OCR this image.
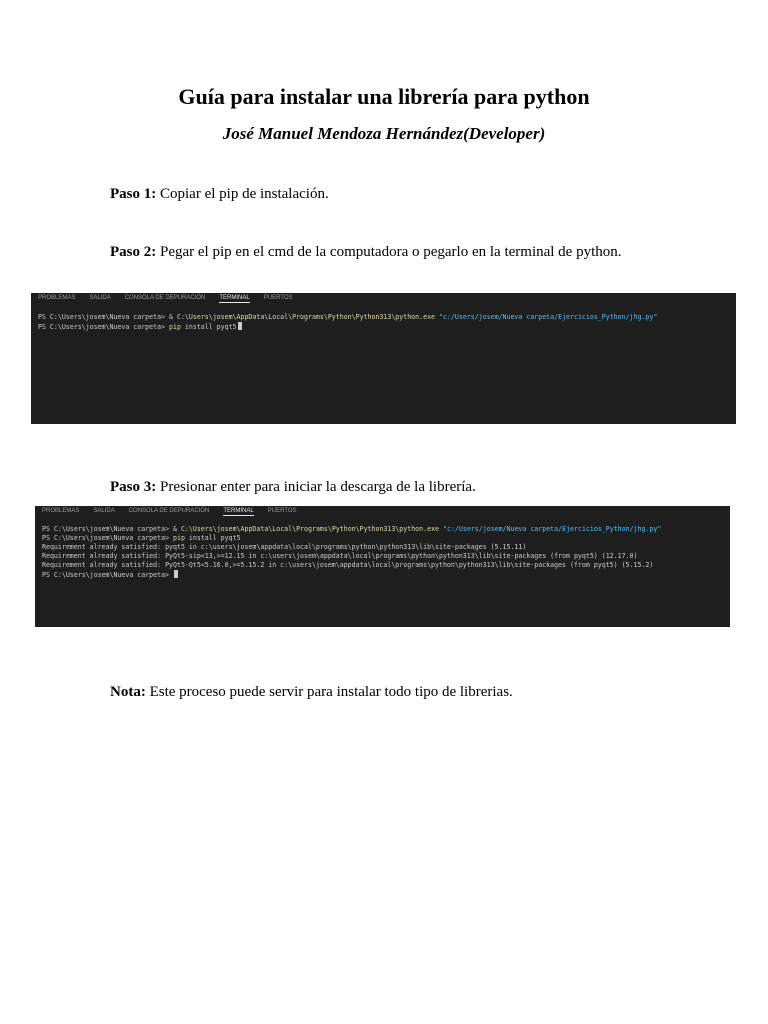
Guía para instalar una librería para python
José Manuel Mendoza Hernández(Developer)
Paso 1: Copiar el pip de instalación.
Paso 2: Pegar el pip en el cmd de la computadora o pegarlo en la terminal de python.
PROBLEMAS SALIDA CONSOLA DE DEPURACIÓN TERMINAL PUERTOS
PS C:\Users\josem\Nueva carpeta> & C:\Users\josem\AppData\Local\Programs\Python\Python313\python.exe "c:/Users/josem/Nueva carpeta/Ejercicios_Python/jhg.py"
PS C:\Users\josem\Nueva carpeta> pip install pyqt5
Paso 3: Presionar enter para iniciar la descarga de la librería.
PROBLEMAS SALIDA CONSOLA DE DEPURACIÓN TERMINAL PUERTOS
PS C:\Users\josem\Nueva carpeta> & C:\Users\josem\AppData\Local\Programs\Python\Python313\python.exe "c:/Users/josem/Nueva carpeta/Ejercicios_Python/jhg.py"
PS C:\Users\josem\Nueva carpeta> pip install pyqt5
Requirement already satisfied: pyqt5 in c:\users\josem\appdata\local\programs\python\python313\lib\site-packages (5.15.11)
Requirement already satisfied: PyQt5-sip<13,>=12.15 in c:\users\josem\appdata\local\programs\python\python313\lib\site-packages (from pyqt5) (12.17.0)
Requirement already satisfied: PyQt5-Qt5<5.16.0,>=5.15.2 in c:\users\josem\appdata\local\programs\python\python313\lib\site-packages (from pyqt5) (5.15.2)
PS C:\Users\josem\Nueva carpeta>
Nota: Este proceso puede servir para instalar todo tipo de librerias.
